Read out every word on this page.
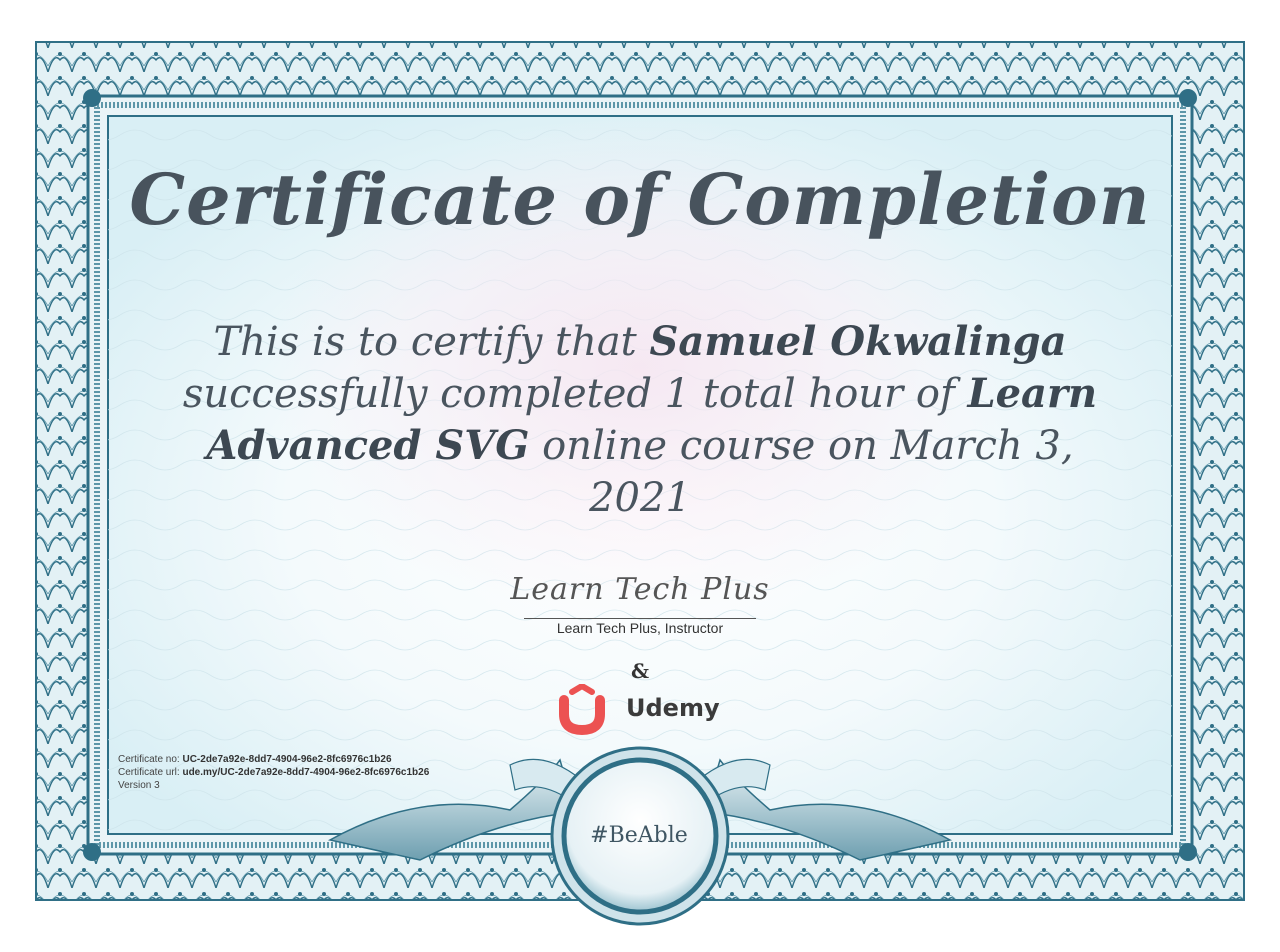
Certificate of Completion
This is to certify that Samuel Okwalinga successfully completed 1 total hour of Learn Advanced SVG online course on March 3, 2021
Learn Tech Plus
Learn Tech Plus, Instructor
&
Udemy
Certificate no: UC-2de7a92e-8dd7-4904-96e2-8fc6976c1b26
Certificate url: ude.my/UC-2de7a92e-8dd7-4904-96e2-8fc6976c1b26
Version 3
#BeAble
